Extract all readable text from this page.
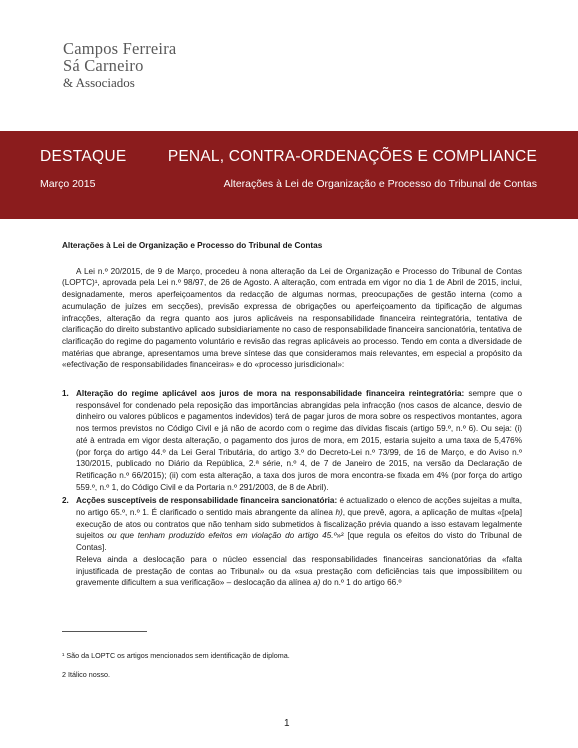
Campos Ferreira
Sá Carneiro
& Associados
DESTAQUE	PENAL, CONTRA-ORDENAÇÕES E COMPLIANCE
Março 2015	Alterações à Lei de Organização e Processo do Tribunal de Contas

Alterações à Lei de Organização e Processo do Tribunal de Contas

A Lei n.º 20/2015, de 9 de Março, procedeu à nona alteração da Lei de Organização e Processo do Tribunal de Contas (LOPTC)¹, aprovada pela Lei n.º 98/97, de 26 de Agosto. A alteração, com entrada em vigor no dia 1 de Abril de 2015, inclui, designadamente, meros aperfeiçoamentos da redacção de algumas normas, preocupações de gestão interna (como a acumulação de juízes em secções), previsão expressa de obrigações ou aperfeiçoamento da tipificação de algumas infracções, alteração da regra quanto aos juros aplicáveis na responsabilidade financeira reintegratória, tentativa de clarificação do direito substantivo aplicado subsidiariamente no caso de responsabilidade financeira sancionatória, tentativa de clarificação do regime do pagamento voluntário e revisão das regras aplicáveis ao processo. Tendo em conta a diversidade de matérias que abrange, apresentamos uma breve síntese das que consideramos mais relevantes, em especial a propósito da «efectivação de responsabilidades financeiras» e do «processo jurisdicional»:

1. Alteração do regime aplicável aos juros de mora na responsabilidade financeira reintegratória: sempre que o responsável for condenado pela reposição das importâncias abrangidas pela infracção (nos casos de alcance, desvio de dinheiro ou valores públicos e pagamentos indevidos) terá de pagar juros de mora sobre os respectivos montantes, agora nos termos previstos no Código Civil e já não de acordo com o regime das dívidas fiscais (artigo 59.º, n.º 6). Ou seja: (i) até à entrada em vigor desta alteração, o pagamento dos juros de mora, em 2015, estaria sujeito a uma taxa de 5,476% (por força do artigo 44.º da Lei Geral Tributária, do artigo 3.º do Decreto-Lei n.º 73/99, de 16 de Março, e do Aviso n.º 130/2015, publicado no Diário da República, 2.ª série, n.º 4, de 7 de Janeiro de 2015, na versão da Declaração de Retificação n.º 66/2015); (ii) com esta alteração, a taxa dos juros de mora encontra-se fixada em 4% (por força do artigo 559.º, n.º 1, do Código Civil e da Portaria n.º 291/2003, de 8 de Abril).
2. Acções susceptíveis de responsabilidade financeira sancionatória: é actualizado o elenco de acções sujeitas a multa, no artigo 65.º, n.º 1. É clarificado o sentido mais abrangente da alínea h), que prevê, agora, a aplicação de multas «[pela] execução de atos ou contratos que não tenham sido submetidos à fiscalização prévia quando a isso estavam legalmente sujeitos ou que tenham produzido efeitos em violação do artigo 45.º»² [que regula os efeitos do visto do Tribunal de Contas].
Releva ainda a deslocação para o núcleo essencial das responsabilidades financeiras sancionatórias da «falta injustificada de prestação de contas ao Tribunal» ou da «sua prestação com deficiências tais que impossibilitem ou gravemente dificultem a sua verificação» – deslocação da alínea a) do n.º 1 do artigo 66.º
¹ São da LOPTC os artigos mencionados sem identificação de diploma.
2 Itálico nosso.
1
